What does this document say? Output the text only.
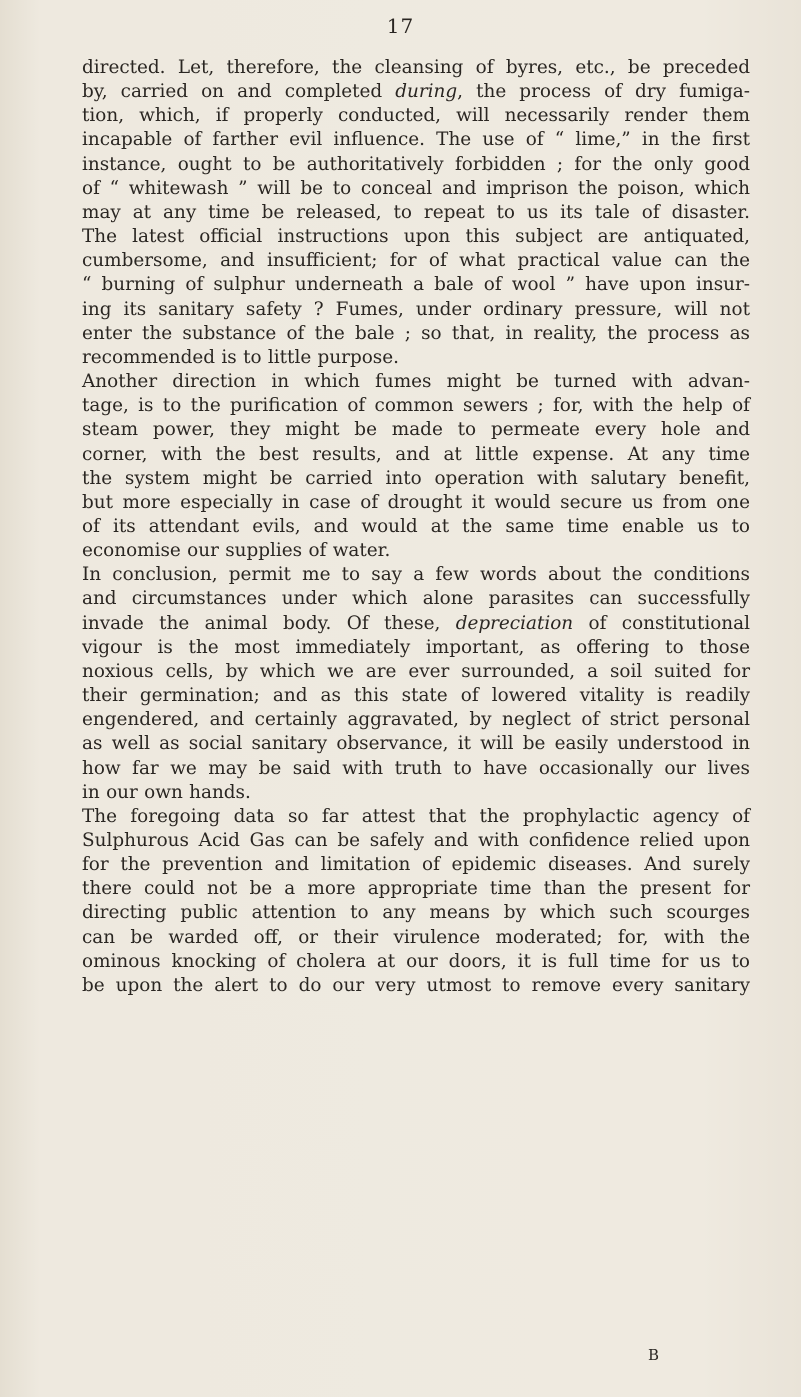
17
directed. Let, therefore, the cleansing of byres, etc., be preceded
by, carried on and completed during, the process of dry fumiga-
tion, which, if properly conducted, will necessarily render them
incapable of farther evil influence. The use of “ lime,” in the first
instance, ought to be authoritatively forbidden ; for the only good
of “ whitewash ” will be to conceal and imprison the poison, which
may at any time be released, to repeat to us its tale of disaster.
The latest official instructions upon this subject are antiquated,
cumbersome, and insufficient; for of what practical value can the
“ burning of sulphur underneath a bale of wool ” have upon insur-
ing its sanitary safety ? Fumes, under ordinary pressure, will not
enter the substance of the bale ; so that, in reality, the process as
recommended is to little purpose.
Another direction in which fumes might be turned with advan-
tage, is to the purification of common sewers ; for, with the help of
steam power, they might be made to permeate every hole and
corner, with the best results, and at little expense. At any time
the system might be carried into operation with salutary benefit,
but more especially in case of drought it would secure us from one
of its attendant evils, and would at the same time enable us to
economise our supplies of water.
In conclusion, permit me to say a few words about the conditions
and circumstances under which alone parasites can successfully
invade the animal body. Of these, depreciation of constitutional
vigour is the most immediately important, as offering to those
noxious cells, by which we are ever surrounded, a soil suited for
their germination; and as this state of lowered vitality is readily
engendered, and certainly aggravated, by neglect of strict personal
as well as social sanitary observance, it will be easily understood in
how far we may be said with truth to have occasionally our lives
in our own hands.
The foregoing data so far attest that the prophylactic agency of
Sulphurous Acid Gas can be safely and with confidence relied upon
for the prevention and limitation of epidemic diseases. And surely
there could not be a more appropriate time than the present for
directing public attention to any means by which such scourges
can be warded off, or their virulence moderated; for, with the
ominous knocking of cholera at our doors, it is full time for us to
be upon the alert to do our very utmost to remove every sanitary
B
